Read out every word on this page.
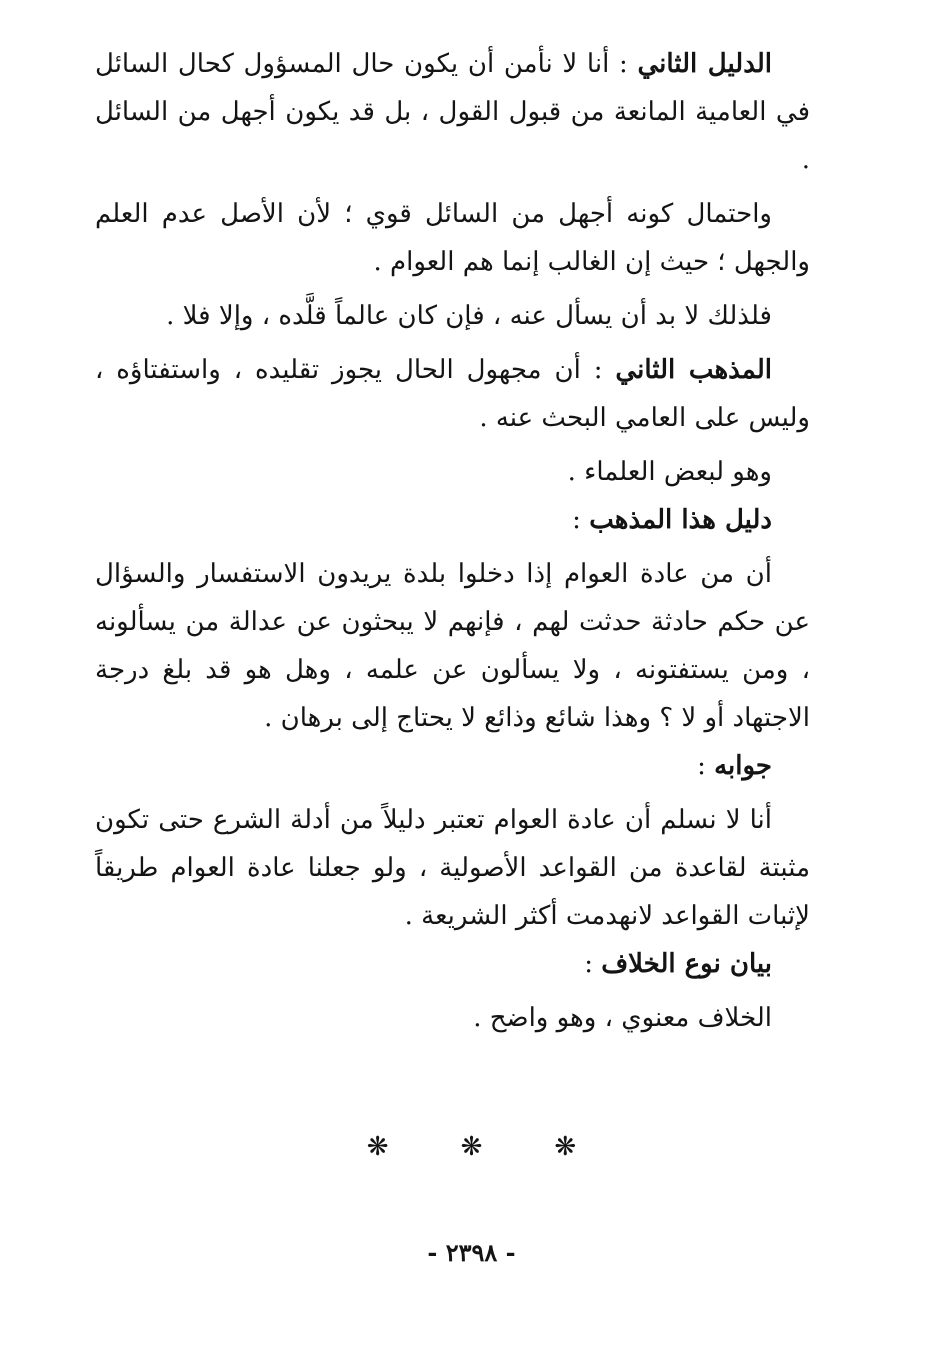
الدليل الثاني : أنا لا نأمن أن يكون حال المسؤول كحال السائل في العامية المانعة من قبول القول ، بل قد يكون أجهل من السائل .

واحتمال كونه أجهل من السائل قوي ؛ لأن الأصل عدم العلم والجهل ؛ حيث إن الغالب إنما هم العوام .

فلذلك لا بد أن يسأل عنه ، فإن كان عالماً قلَّده ، وإلا فلا .

المذهب الثاني : أن مجهول الحال يجوز تقليده ، واستفتاؤه ، وليس على العامي البحث عنه .

وهو لبعض العلماء .

دليل هذا المذهب :

أن من عادة العوام إذا دخلوا بلدة يريدون الاستفسار والسؤال عن حكم حادثة حدثت لهم ، فإنهم لا يبحثون عن عدالة من يسألونه ، ومن يستفتونه ، ولا يسألون عن علمه ، وهل هو قد بلغ درجة الاجتهاد أو لا ؟ وهذا شائع وذائع لا يحتاج إلى برهان .

جوابه :

أنا لا نسلم أن عادة العوام تعتبر دليلاً من أدلة الشرع حتى تكون مثبتة لقاعدة من القواعد الأصولية ، ولو جعلنا عادة العوام طريقاً لإثبات القواعد لانهدمت أكثر الشريعة .

بيان نوع الخلاف :

الخلاف معنوي ، وهو واضح .

❋	❋	❋
- ٢٣٩٨ -
